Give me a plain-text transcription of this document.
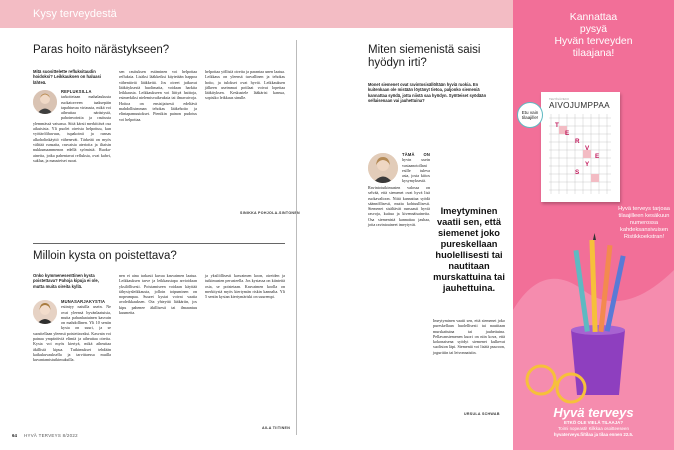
Kysy terveydestä
Paras hoito närästykseen?
Mitä suosittelette refluksitaudin hoidoksi? Leikkauksen on haluasi lähteä.
REFLUKSILLA tarkoitetaan mahalaukusta ruokatorveen taaksepäin tapahtuvaa virtausta, mikä voi aiheuttaa närästystä, pahoinvointia ja rasitusta ylemmässä vatsassa. Siitä kärsii merkittävä osa aikuisista. Yli puolet oireista helpottuu, kun vyötärölihavuus, tupakointi ja runsas alkoholinkäyttö vähenevät. Tärkeää on myös välttää runsaita, rasvaisia aterioita ja iltaisin nukkumaanmenon edellä syömistä. Ruoka-aineita, jotka pahentavat refluksia, ovat kahvi, suklaa, ja mausteiset ruoat.
sen rasituksen estäminen voi helpottaa refluksia. Lisäksi lääkkeiksi käytetään happoa vähentäviä lääkkeitä. Jos oireet jatkuvat lääkityksestä huolimatta, voidaan harkita leikkausta. Leikkaukseen voi liittyä haittoja, esimerkiksi nielemisvaikeuksia tai ilmavaivoja. Hoitoa on ensisijaisesti edeltävä mahdollisimman tehokas lääkehoito ja elintapamuutokset. Pienikin painon pudotus voi helpottaa.
helpottaa yöllisiä oireita ja parantaa unen laatua. Leikkaus on yleensä turvallinen ja tehokas hoito, ja tulokset ovat hyviä. Leikkauksen jälkeen useimmat potilaat voivat lopettaa lääkityksen. Keskustele lääkärisi kanssa, sopisiko leikkaus sinulle.
SINIKKA POHJOLA-SINTONEN
Milloin kysta on poistettava?
Onko kymmenesenttinen kysta poistettava? Pahoja kipuja ei ole, mutta muita oireita kyllä.
MUNASARJAKYSTIA esiintyy naisilla usein. Ne ovat yleensä hyvänlaatuisia, mutta pahanlaatuinen kasvain on mahdollinen. Yli 10 sentin kysta on suuri, ja se suositellaan yleensä poistettavaksi. Kasvain voi painaa ympäröiviä elimiä ja aiheuttaa oireita. Kysta voi myös kiertyä, mikä aiheuttaa äkillistä kipua. Tutkimukset tehdään kaikukuvauksella ja tarvittaessa muilla kuvantamistutkimuksilla.
nen ei aina tarkasti kuvaa kasvaimen laatua. Leikkauksen tarve ja leikkaustapa arvioidaan yksilöllisesti. Poistamiseen voidaan käyttää tähystysleikkausta, jolloin toipuminen on nopeampaa. Suuret kystat voivat vaatia avoleikkauksen. Ota yhteyttä lääkäriin, jos kipu pahenee äkillisesti tai ilmaantuu kuumetta.
ja yksilöllisesti kasvaimen koon, oireiden ja tutkimusten perusteella. Jos kystassa on kiinteitä osia, se poistetaan. Kasvaimen koolla on merkitystä myös kiertymän riskin kannalta. Yli 5 sentin kystan kiertymäriski on suurempi.
AILA TIITINEN
Miten siemenistä saisi hyödyn irti?
Monet siemenet ovat ravintosisällöltään hyviä ruokia. En kuitenkaan ole mistään löytänyt tietoa, paljonko siemeniä kannattaa syödä, jotta niistä saa hyödyn. Syötteiset syödään sellaisenaan vai jauhettuina?
TÄMÄ ON hyvin usein vastaanotollani esille tuleva asia, josta kiitos kysymyksestä. Ravintotutkimusten valossa on selvää, että siemenet ovat hyvä lisä ruokavalioon. Niitä kannattaa syödä säännöllisesti, mutta kohtuullisesti. Siemenet sisältävät runsaasti hyviä rasvoja, kuitua ja kivennäisaineita. Osa siemenistä kannattaa jauhaa, jotta ravintoaineet imeytyvät.
Imeytyminen vaatii sen, että siemenet joko pureskellaan huolellisesti tai nautitaan murskattuina tai jauhettuina.
Imeytyminen vaatii sen, että siemenet joko pureskellaan huolellisesti tai nautitaan murskattuina tai jauhettuina. Pellavansiemenen kuori on niin kova, että kokonaisena syödyt siemenet kulkevat suoliston läpi. Siemeniä voi lisätä puuroon, jogurttiin tai leivonnaisiin.
URSULA SCHWAB
64 HYVÄ TERVEYS 8/2022
Kannattaa
pysyä
Hyvän terveyden
tilaajana!
TEHTÄVÄVIHKO
AIVOJUMPPAA
T
E
R
V
E
Y
S
Etu vain tilaajille!
Hyvä terveys tarjoaa tilaajilleen kesäkuun numerossa kahdeksansivuisen Ristikkoekstran!
Hyvä terveys
ETKÖ OLE VIELÄ TILAAJA?
Toimi nopeasti! Kilkkaa osoitteeseen
hyvaterveys.fi/tilaa ja tilaa ennen 22.5.
